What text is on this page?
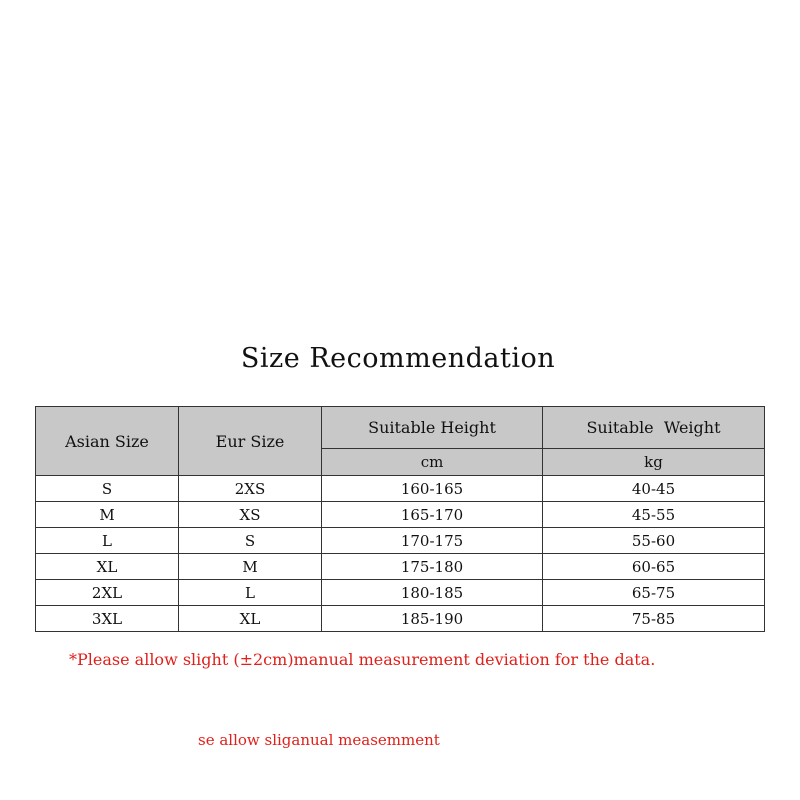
Size Recommendation
Asian Size	Eur Size	Suitable Height	Suitable  Weight
		cm	kg
S	2XS	160-165	40-45
M	XS	165-170	45-55
L	S	170-175	55-60
XL	M	175-180	60-65
2XL	L	180-185	65-75
3XL	XL	185-190	75-85
*Please allow slight (±2cm)manual measurement deviation for the data.
se allow sliganual measemment
